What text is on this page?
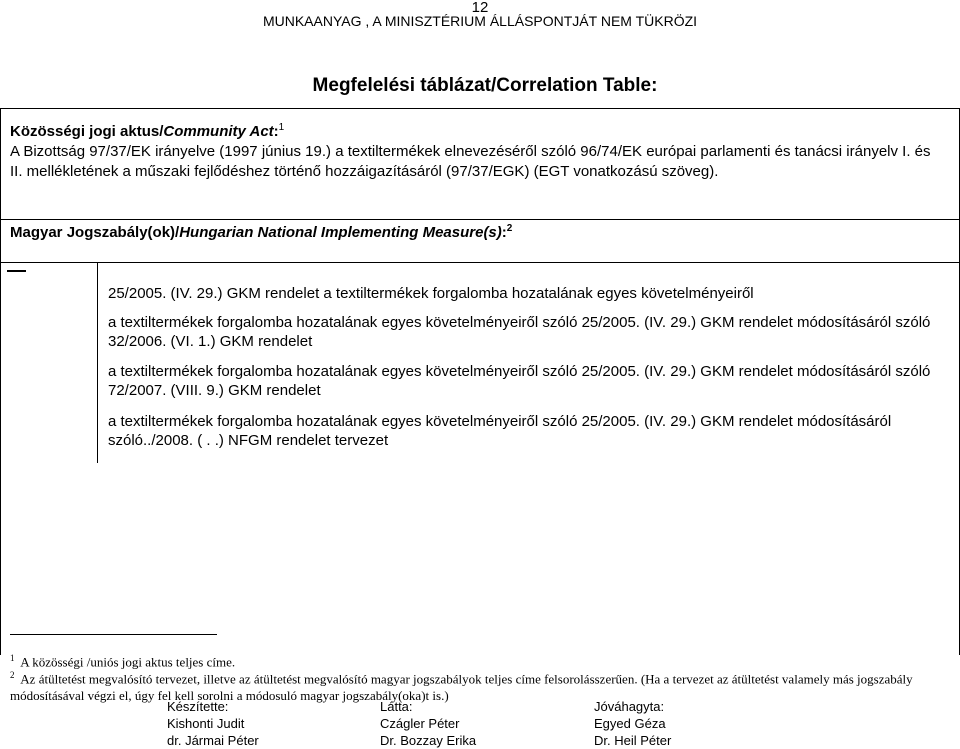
12
MUNKAANYAG , A MINISZTÉRIUM ÁLLÁSPONTJÁT NEM TÜKRÖZI
Megfelelési táblázat/Correlation Table:
Közösségi jogi aktus/Community Act:$^1$
A Bizottság 97/37/EK irányelve (1997 június 19.) a textiltermékek elnevezéséről szóló 96/74/EK európai parlamenti és tanácsi irányelv I. és II. mellékletének a műszaki fejlődéshez történő hozzáigazításáról (97/37/EGK) (EGT vonatkozású szöveg).
Magyar Jogszabály(ok)/Hungarian National Implementing Measure(s):$^2$
25/2005. (IV. 29.) GKM rendelet a textiltermékek forgalomba hozatalának egyes követelményeiről
a textiltermékek forgalomba hozatalának egyes követelményeiről szóló 25/2005. (IV. 29.) GKM rendelet módosításáról szóló 32/2006. (VI. 1.) GKM rendelet
a textiltermékek forgalomba hozatalának egyes követelményeiről szóló 25/2005. (IV. 29.) GKM rendelet módosításáról szóló 72/2007. (VIII. 9.) GKM rendelet
a textiltermékek forgalomba hozatalának egyes követelményeiről szóló 25/2005. (IV. 29.) GKM rendelet módosításáról szóló../2008. ( . .) NFGM rendelet tervezet
$^1$ A közösségi /uniós jogi aktus teljes címe.
$^2$ Az átültetést megvalósító tervezet, illetve az átültetést megvalósító magyar jogszabályok teljes címe felsorolásszerűen. (Ha a tervezet az átültetést valamely más jogszabály módosításával végzi el, úgy fel kell sorolni a módosuló magyar jogszabály(oka)t is.)
Készítette:
Kishonti Judit
dr. Jármai Péter
Látta:
Czágler Péter
Dr. Bozzay Erika
Jóváhagyta:
Egyed Géza
Dr. Heil Péter
